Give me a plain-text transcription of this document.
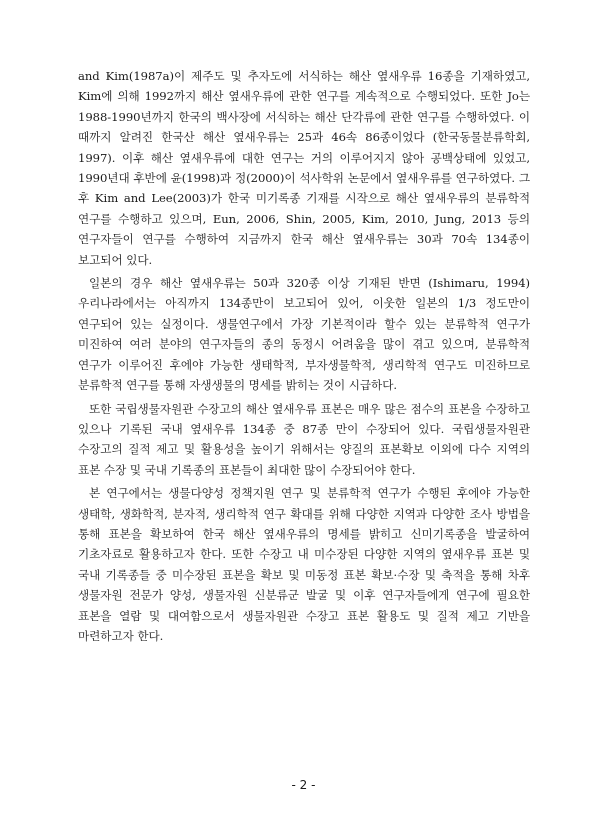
and Kim(1987a)이 제주도 및 추자도에 서식하는 해산 옆새우류 16종을 기재하였고, Kim에 의해 1992까지 해산 옆새우류에 관한 연구를 계속적으로 수행되었다. 또한 Jo는 1988-1990년까지 한국의 백사장에 서식하는 해산 단각류에 관한 연구를 수행하였다. 이 때까지 알려진 한국산 해산 옆새우류는 25과 46속 86종이었다 (한국동물분류학회, 1997). 이후 해산 옆새우류에 대한 연구는 거의 이루어지지 않아 공백상태에 있었고, 1990년대 후반에 윤(1998)과 정(2000)이 석사학위 논문에서 옆새우류를 연구하였다. 그 후 Kim and Lee(2003)가 한국 미기록종 기재를 시작으로 해산 옆새우류의 분류학적 연구를 수행하고 있으며, Eun, 2006, Shin, 2005, Kim, 2010, Jung, 2013 등의 연구자들이 연구를 수행하여 지금까지 한국 해산 옆새우류는 30과 70속 134종이 보고되어 있다.

일본의 경우 해산 옆새우류는 50과 320종 이상 기재된 반면 (Ishimaru, 1994) 우리나라에서는 아직까지 134종만이 보고되어 있어, 이웃한 일본의 1/3 정도만이 연구되어 있는 실정이다. 생물연구에서 가장 기본적이라 할수 있는 분류학적 연구가 미진하여 여러 분야의 연구자들의 종의 동정시 어려움을 많이 겪고 있으며, 분류학적 연구가 이루어진 후에야 가능한 생태학적, 부자생물학적, 생리학적 연구도 미진하므로 분류학적 연구를 통해 자생생물의 명세를 밝히는 것이 시급하다.

또한 국립생물자원관 수장고의 해산 옆새우류 표본은 매우 많은 점수의 표본을 수장하고 있으나 기록된 국내 옆새우류 134종 중 87종 만이 수장되어 있다. 국립생물자원관 수장고의 질적 제고 및 활용성을 높이기 위해서는 양질의 표본확보 이외에 다수 지역의 표본 수장 및 국내 기록종의 표본들이 최대한 많이 수장되어야 한다.

본 연구에서는 생물다양성 정책지원 연구 및 분류학적 연구가 수행된 후에야 가능한 생태학, 생화학적, 분자적, 생리학적 연구 확대를 위해 다양한 지역과 다양한 조사 방법을 통해 표본을 확보하여 한국 해산 옆새우류의 명세를 밝히고 신미기록종을 발굴하여 기초자료로 활용하고자 한다. 또한 수장고 내 미수장된 다양한 지역의 옆새우류 표본 및 국내 기록종들 중 미수장된 표본을 확보 및 미동정 표본 확보·수장 및 축적을 통해 차후 생물자원 전문가 양성, 생물자원 신분류군 발굴 및 이후 연구자들에게 연구에 필요한 표본을 열람 및 대여함으로서 생물자원관 수장고 표본 활용도 및 질적 제고 기반을 마련하고자 한다.

- 2 -
